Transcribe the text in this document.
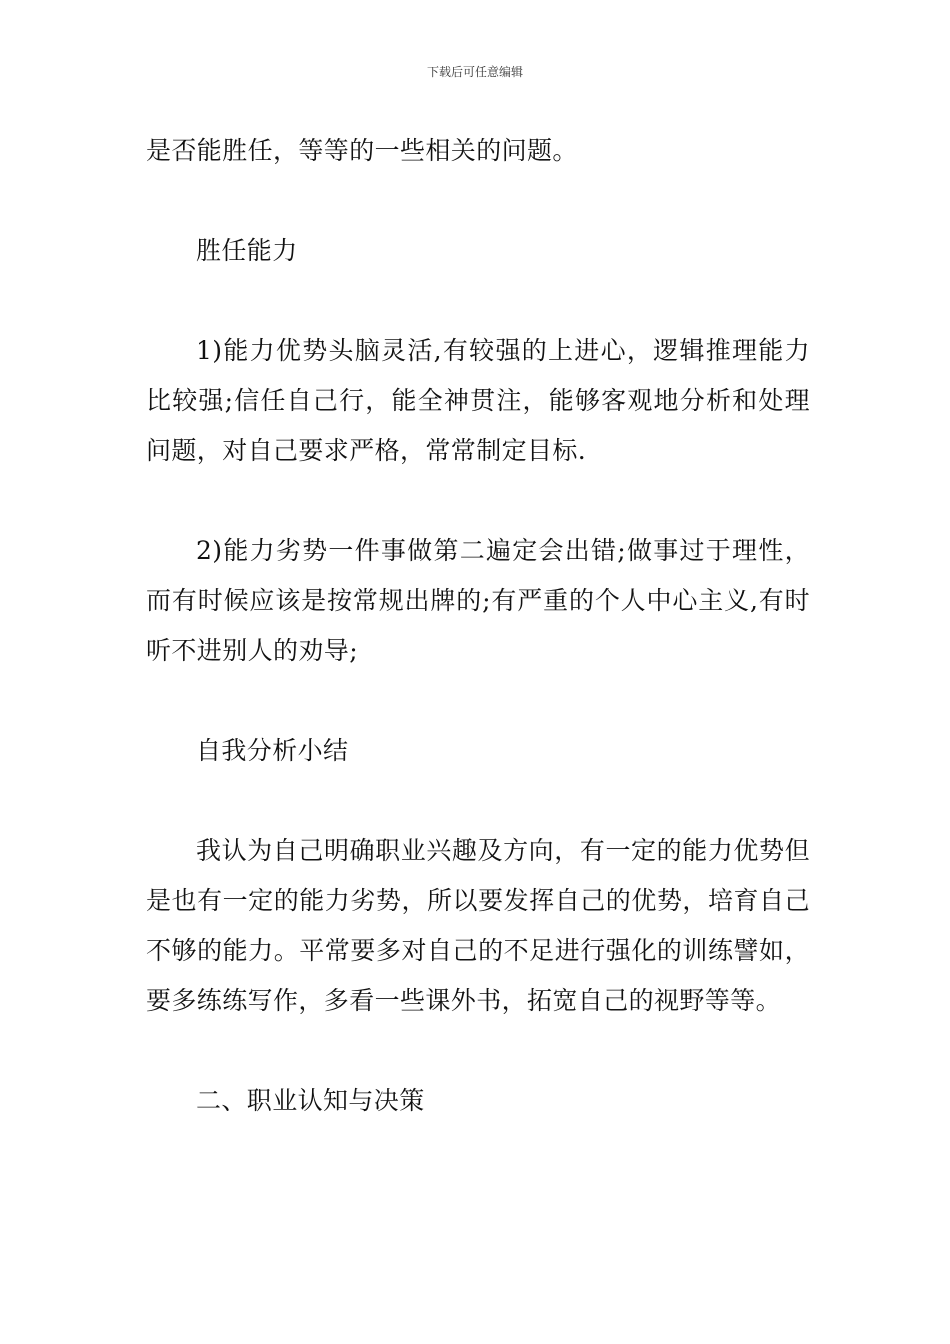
下载后可任意编辑

是否能胜任，等等的一些相关的问题。

胜任能力

1)能力优势头脑灵活,有较强的上进心，逻辑推理能力比较强;信任自己行，能全神贯注，能够客观地分析和处理问题，对自己要求严格，常常制定目标.

2)能力劣势一件事做第二遍定会出错;做事过于理性，而有时候应该是按常规出牌的;有严重的个人中心主义,有时听不进别人的劝导;

自我分析小结

我认为自己明确职业兴趣及方向，有一定的能力优势但是也有一定的能力劣势，所以要发挥自己的优势，培育自己不够的能力。平常要多对自己的不足进行强化的训练譬如，要多练练写作，多看一些课外书，拓宽自己的视野等等。

二、职业认知与决策
